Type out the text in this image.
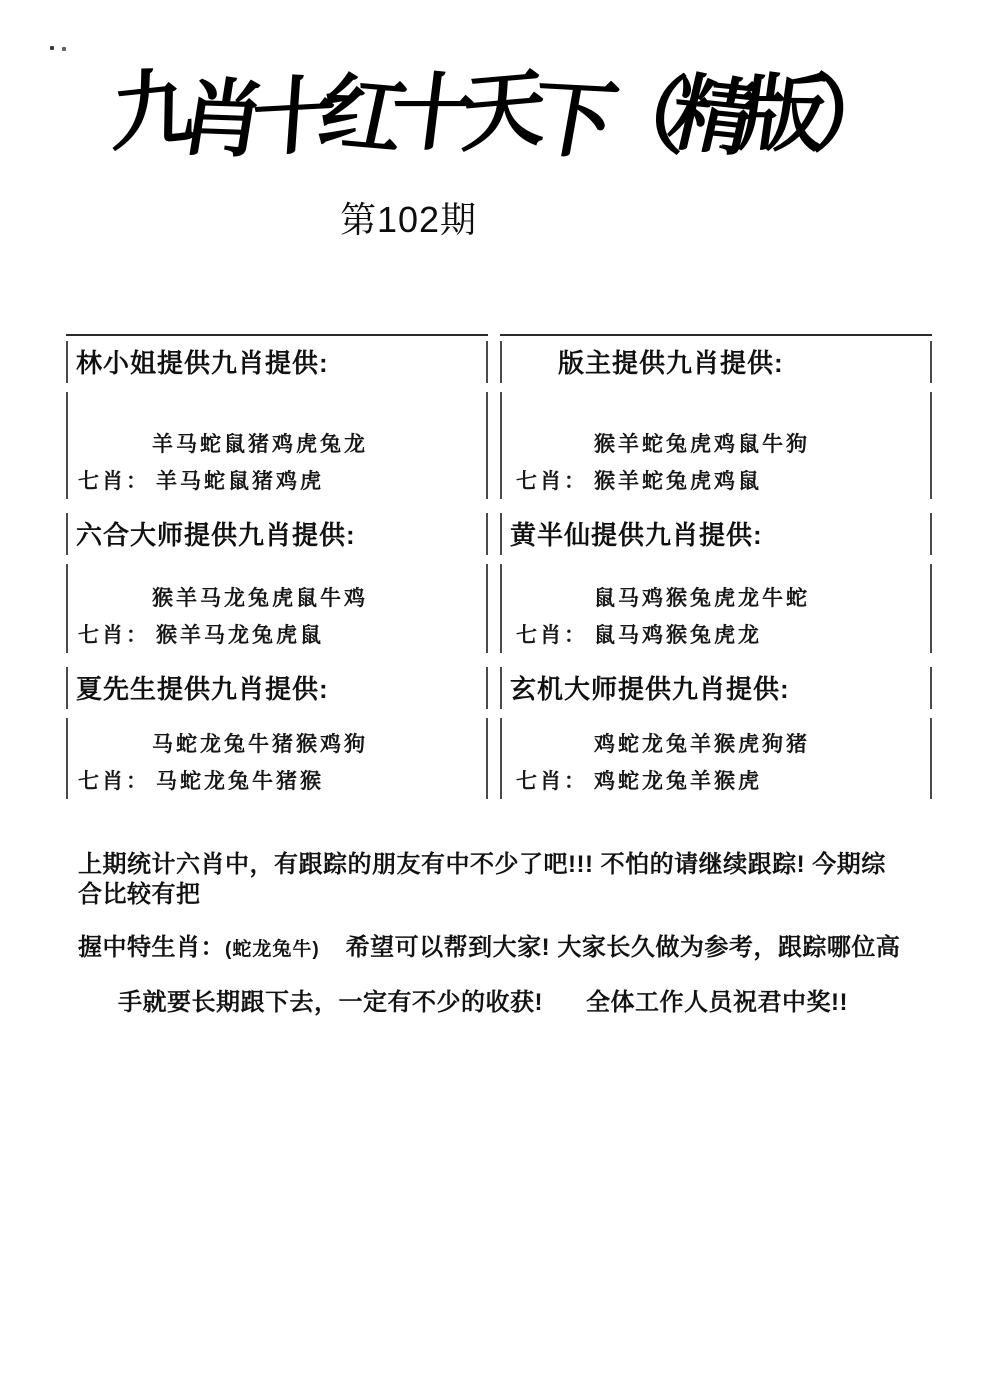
九肖十红十天下（精版）
第102期
林小姐提供九肖提供:
羊马蛇鼠猪鸡虎兔龙
七肖： 羊马蛇鼠猪鸡虎
六合大师提供九肖提供:
猴羊马龙兔虎鼠牛鸡
七肖： 猴羊马龙兔虎鼠
夏先生提供九肖提供:
马蛇龙兔牛猪猴鸡狗
七肖： 马蛇龙兔牛猪猴
版主提供九肖提供:
猴羊蛇兔虎鸡鼠牛狗
七肖： 猴羊蛇兔虎鸡鼠
黄半仙提供九肖提供:
鼠马鸡猴兔虎龙牛蛇
七肖： 鼠马鸡猴兔虎龙
玄机大师提供九肖提供:
鸡蛇龙兔羊猴虎狗猪
七肖： 鸡蛇龙兔羊猴虎
上期统计六肖中，有跟踪的朋友有中不少了吧!!! 不怕的请继续跟踪! 今期综合比较有把
握中特生肖：(蛇龙兔牛) 希望可以帮到大家! 大家长久做为参考，跟踪哪位高
手就要长期跟下去，一定有不少的收获!      全体工作人员祝君中奖!!
